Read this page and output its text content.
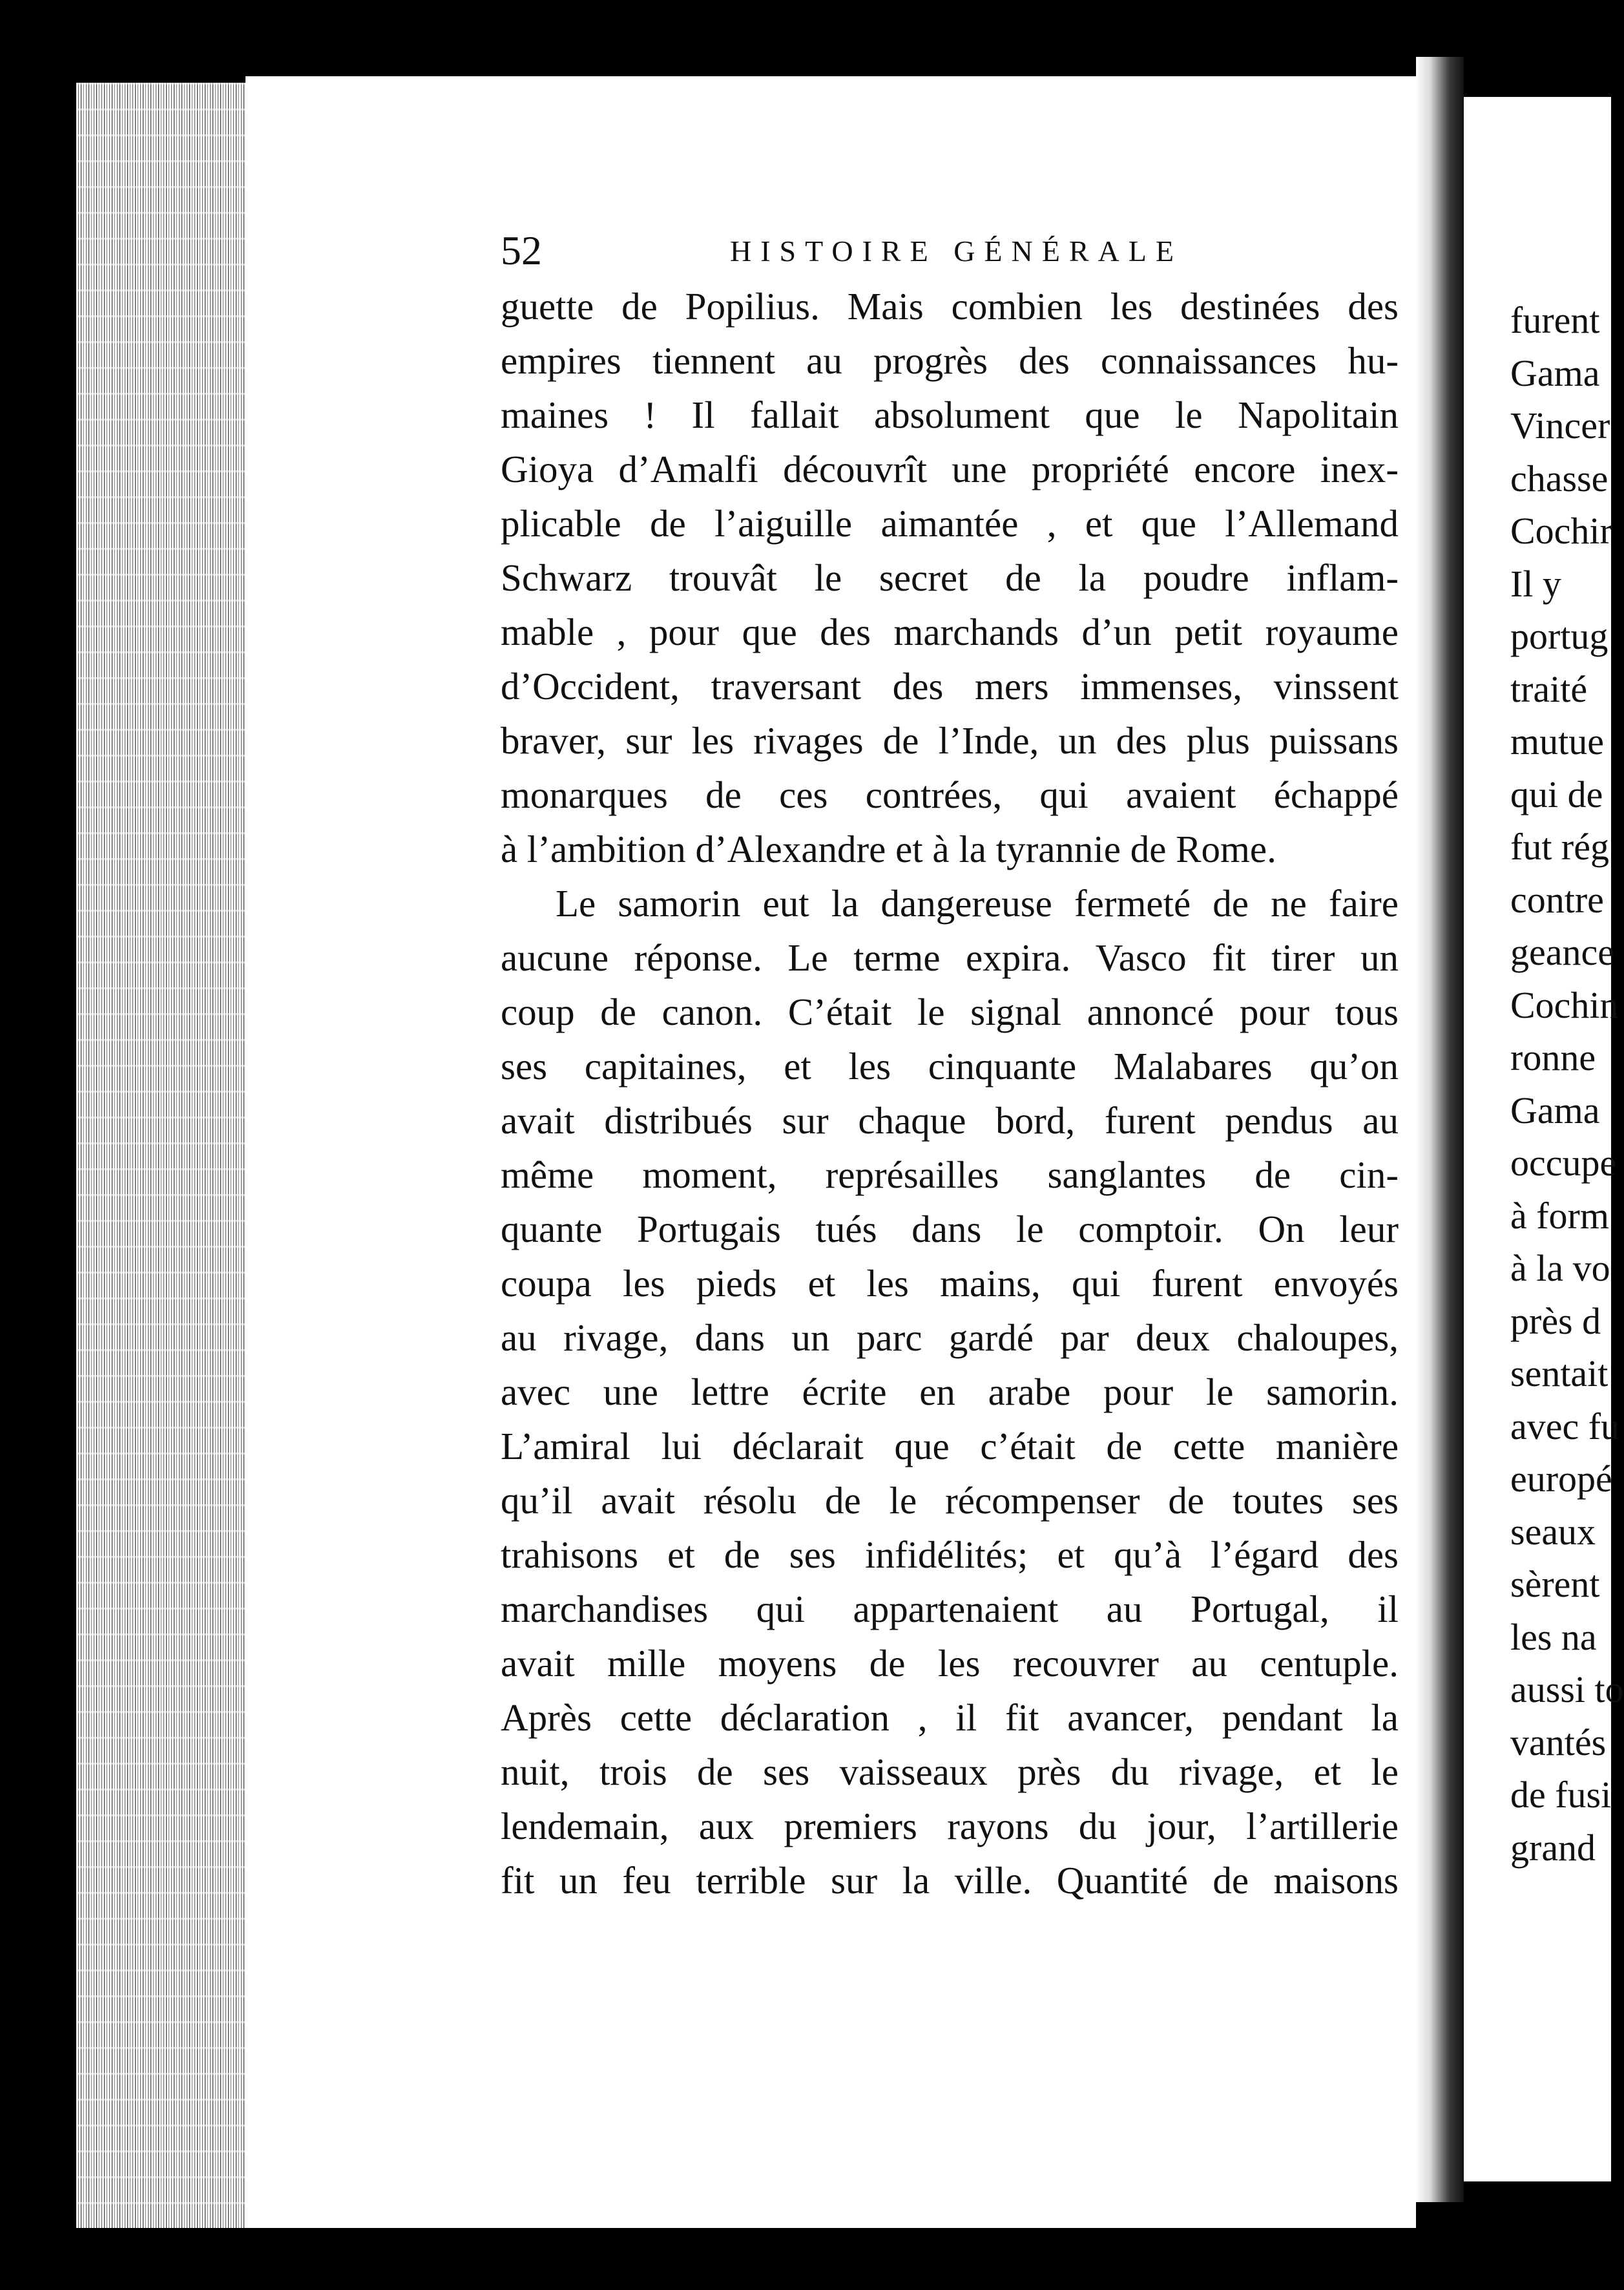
furent
Gama
Vincer
chasse
Cochir
Il y
portug
traité
mutue
qui de
fut rég
contre
geance
Cochin
ronne
Gama
occupe
à form
à la vo
près d
sentait
avec fu
europé
seaux
sèrent
les na
aussi to
vantés
de fusi
grand
52	HISTOIRE GÉNÉRALE
guette de Popilius. Mais combien les destinées des
empires tiennent au progrès des connaissances hu-
maines ! Il fallait absolument que le Napolitain
Gioya d’Amalfi découvrît une propriété encore inex-
plicable de l’aiguille aimantée , et que l’Allemand
Schwarz trouvât le secret de la poudre inflam-
mable , pour que des marchands d’un petit royaume
d’Occident, traversant des mers immenses, vinssent
braver, sur les rivages de l’Inde, un des plus puissans
monarques de ces contrées, qui avaient échappé
à l’ambition d’Alexandre et à la tyrannie de Rome.
Le samorin eut la dangereuse fermeté de ne faire
aucune réponse. Le terme expira. Vasco fit tirer un
coup de canon. C’était le signal annoncé pour tous
ses capitaines, et les cinquante Malabares qu’on
avait distribués sur chaque bord, furent pendus au
même moment, représailles sanglantes de cin-
quante Portugais tués dans le comptoir. On leur
coupa les pieds et les mains, qui furent envoyés
au rivage, dans un parc gardé par deux chaloupes,
avec une lettre écrite en arabe pour le samorin.
L’amiral lui déclarait que c’était de cette manière
qu’il avait résolu de le récompenser de toutes ses
trahisons et de ses infidélités; et qu’à l’égard des
marchandises qui appartenaient au Portugal, il
avait mille moyens de les recouvrer au centuple.
Après cette déclaration , il fit avancer, pendant la
nuit, trois de ses vaisseaux près du rivage, et le
lendemain, aux premiers rayons du jour, l’artillerie
fit un feu terrible sur la ville. Quantité de maisons
